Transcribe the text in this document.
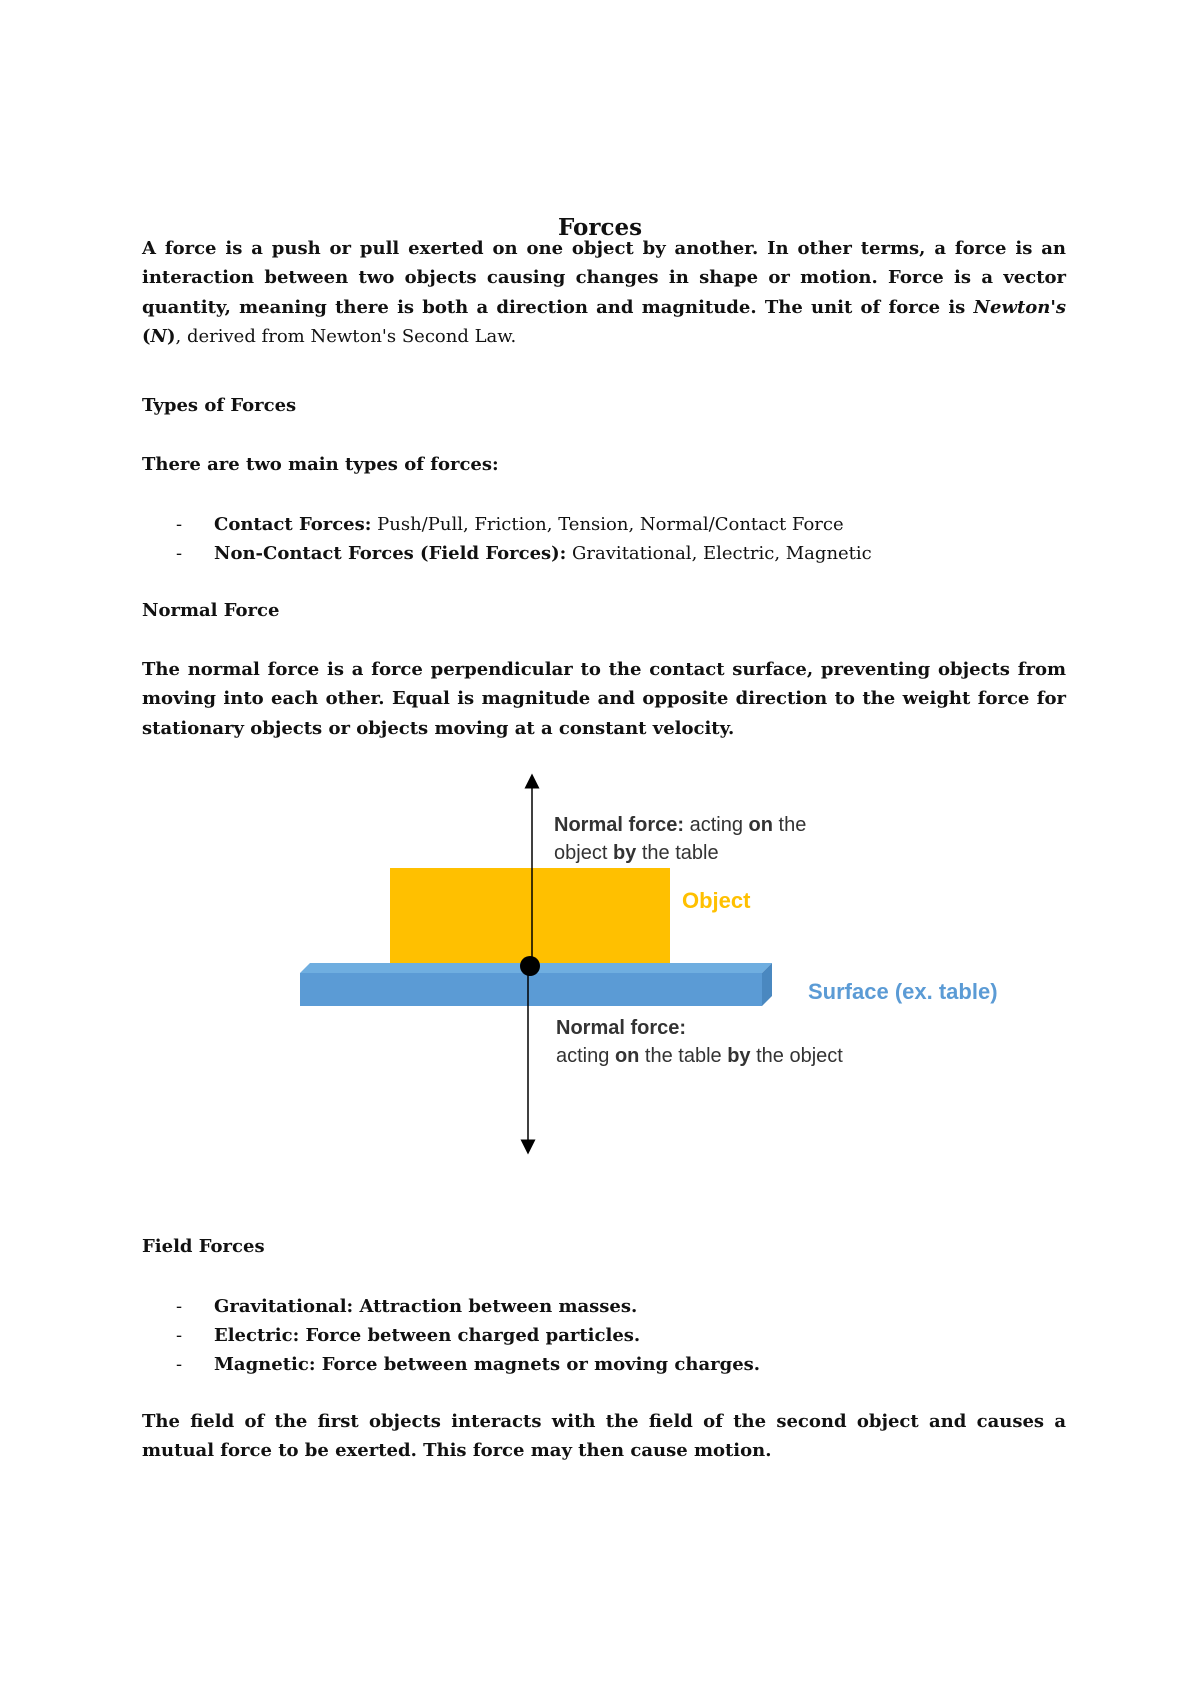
Forces

A force is a push or pull exerted on one object by another. In other terms, a force is an interaction between two objects causing changes in shape or motion. Force is a vector quantity, meaning there is both a direction and magnitude. The unit of force is Newton's (N), derived from Newton's Second Law.

Types of Forces
There are two main types of forces:
- Contact Forces: Push/Pull, Friction, Tension, Normal/Contact Force
- Non-Contact Forces (Field Forces): Gravitational, Electric, Magnetic
Normal Force

The normal force is a force perpendicular to the contact surface, preventing objects from moving into each other. Equal is magnitude and opposite direction to the weight force for stationary objects or objects moving at a constant velocity.

Normal force: acting on the
object by the table
Object
Surface (ex. table)
Normal force:
acting on the table by the object
Field Forces
- Gravitational: Attraction between masses.
- Electric: Force between charged particles.
- Magnetic: Force between magnets or moving charges.

The field of the first objects interacts with the field of the second object and causes a mutual force to be exerted. This force may then cause motion.
